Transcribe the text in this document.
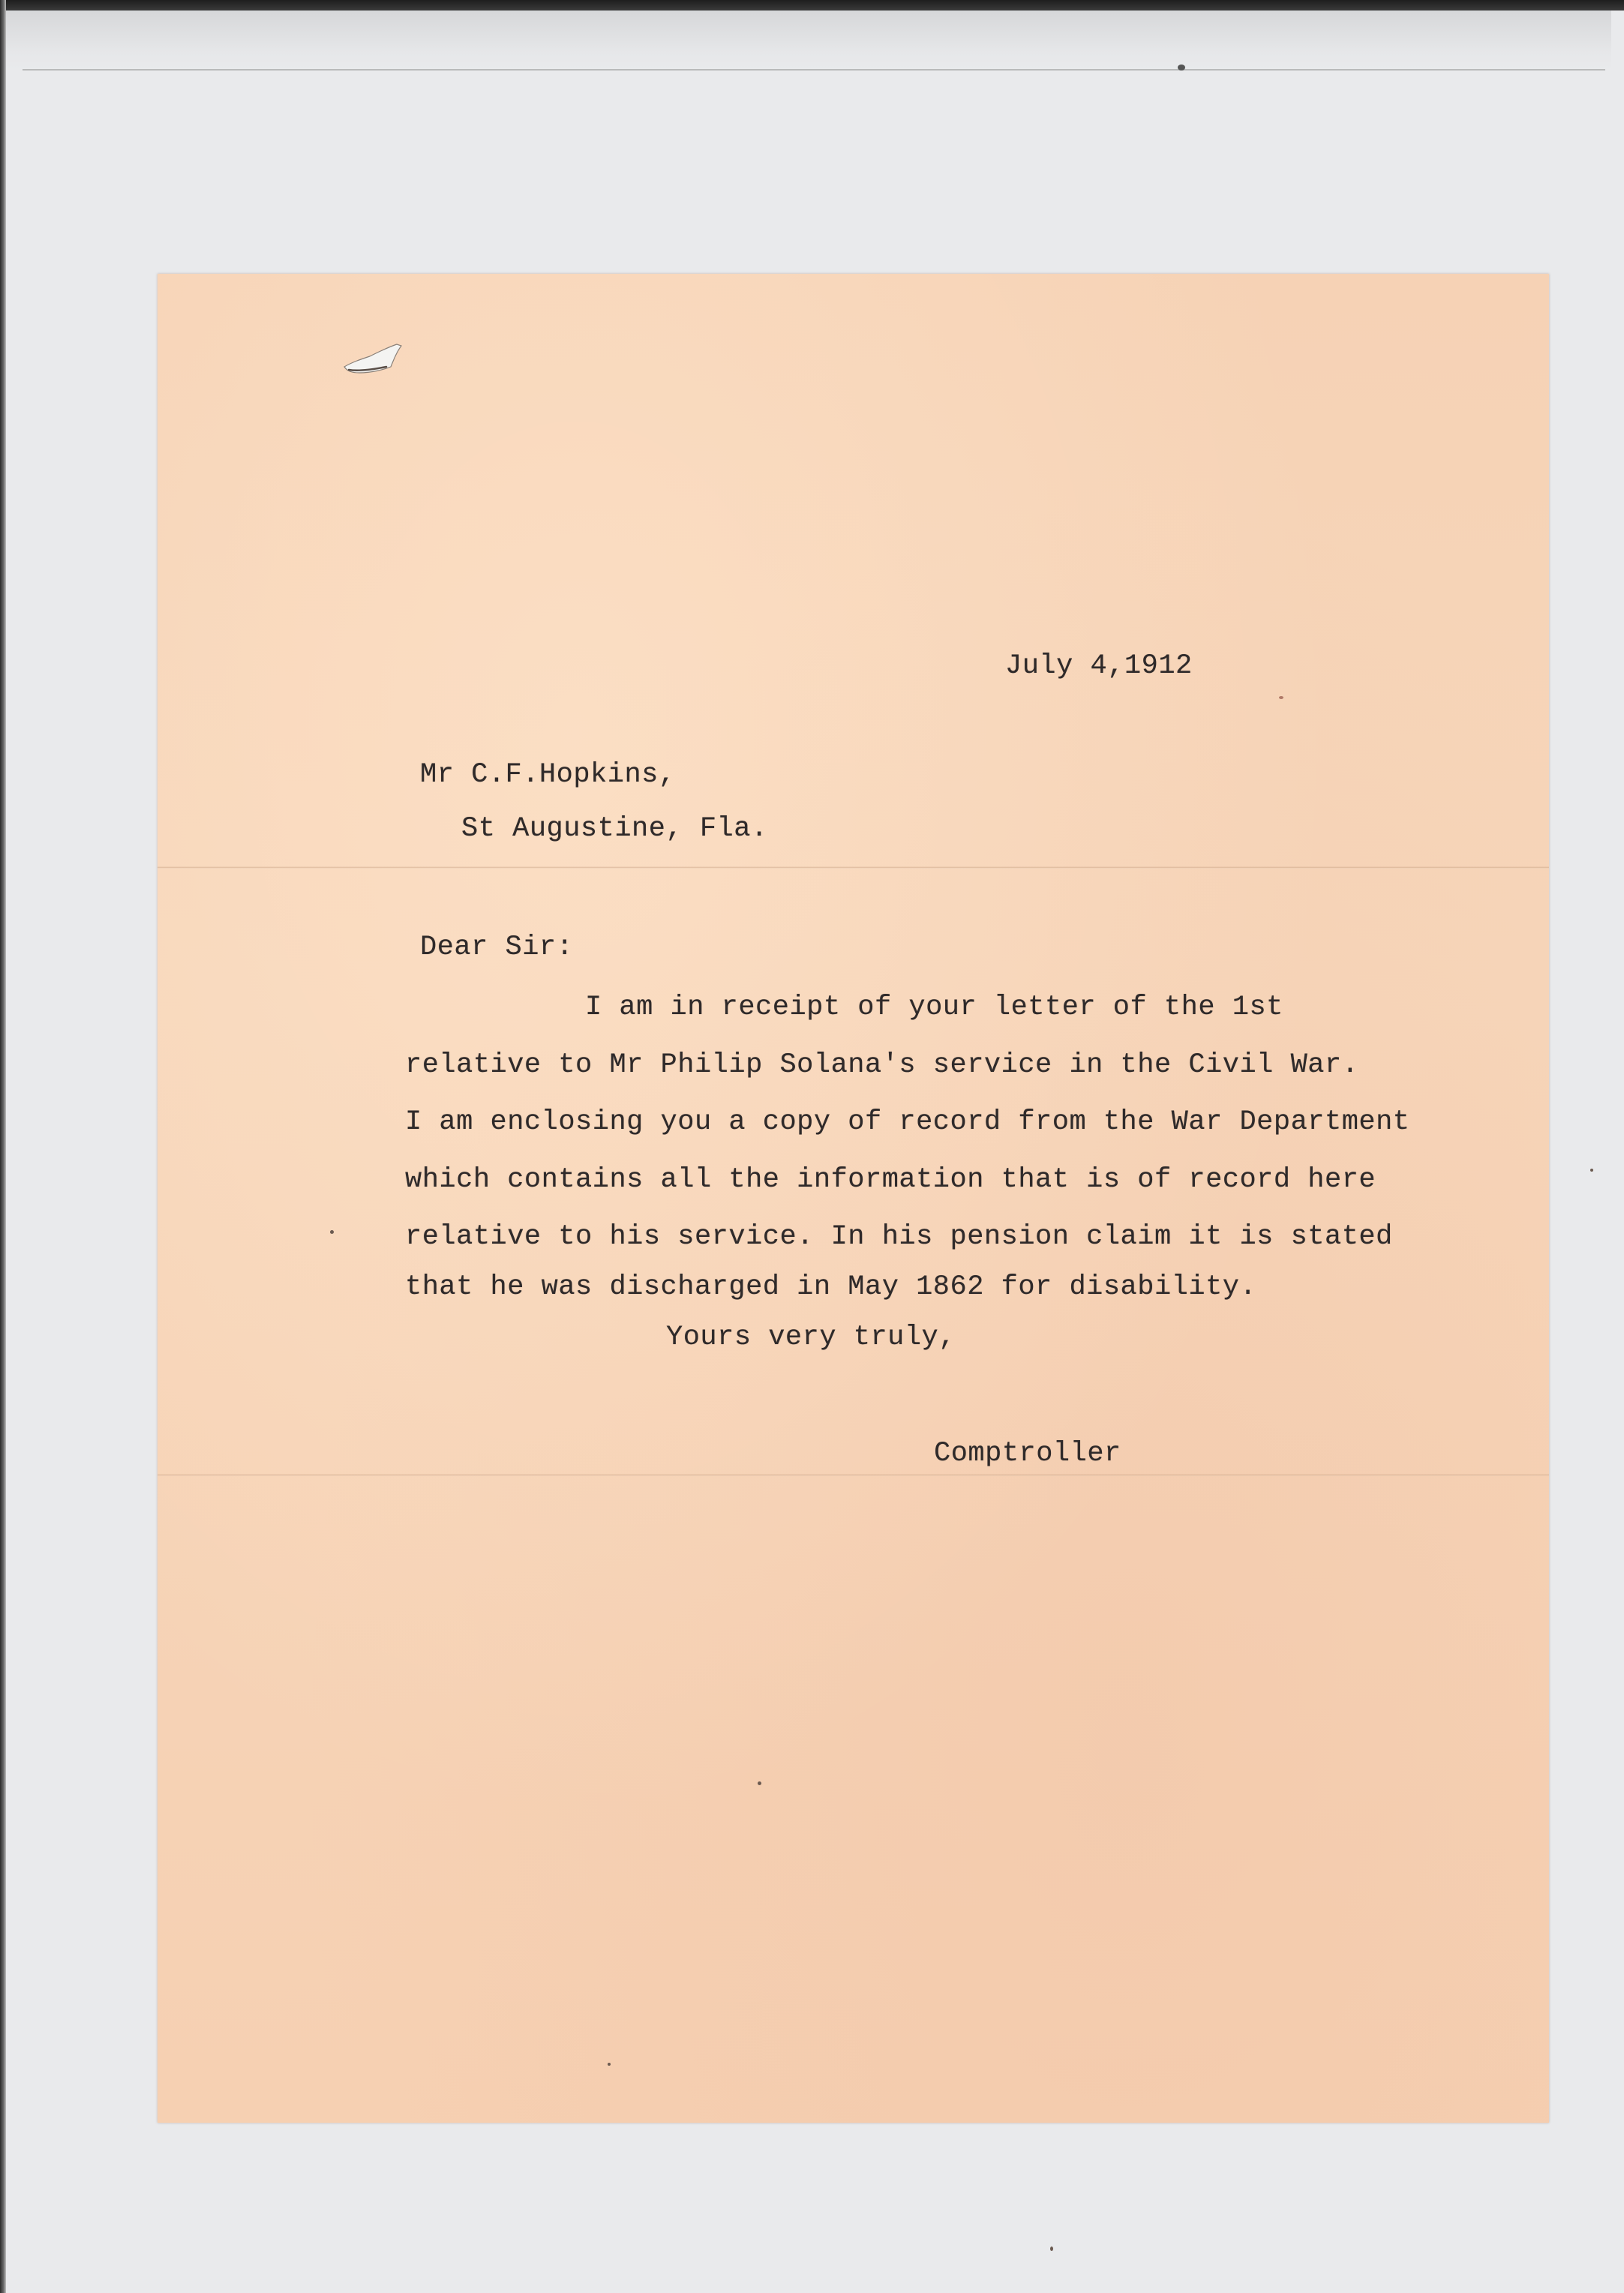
July 4,1912
Mr C.F.Hopkins,
St Augustine, Fla.
Dear Sir:
I am in receipt of your letter of the 1st
relative to Mr Philip Solana's service in the Civil War.
I am enclosing you a copy of record from the War Department
which contains all the information that is of record here
relative to his service. In his pension claim it is stated
that he was discharged in May 1862 for disability.
Yours very truly,
Comptroller
